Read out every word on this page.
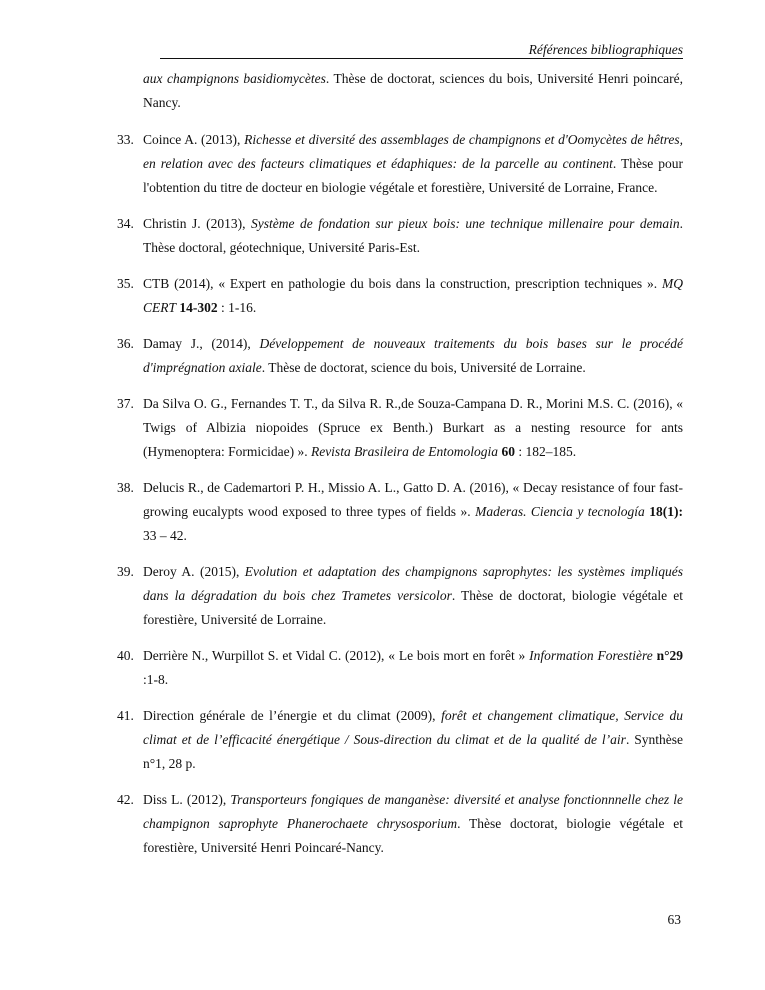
Références bibliographiques
aux champignons basidiomycètes. Thèse de doctorat, sciences du bois, Université Henri poincaré, Nancy.
33. Coince A. (2013), Richesse et diversité des assemblages de champignons et d'Oomycètes de hêtres, en relation avec des facteurs climatiques et édaphiques: de la parcelle au continent. Thèse pour l'obtention du titre de docteur en biologie végétale et forestière, Université de Lorraine, France.
34. Christin J. (2013), Système de fondation sur pieux bois: une technique millenaire pour demain. Thèse doctoral, géotechnique, Université Paris-Est.
35. CTB (2014), « Expert en pathologie du bois dans la construction, prescription techniques ». MQ CERT 14-302 : 1-16.
36. Damay J., (2014), Développement de nouveaux traitements du bois bases sur le procédé d'imprégnation axiale. Thèse de doctorat, science du bois, Université de Lorraine.
37. Da Silva O. G., Fernandes T. T., da Silva R. R.,de Souza-Campana D. R., Morini M.S. C. (2016), « Twigs of Albizia niopoides (Spruce ex Benth.) Burkart as a nesting resource for ants (Hymenoptera: Formicidae) ». Revista Brasileira de Entomologia 60 : 182–185.
38. Delucis R., de Cademartori P. H., Missio A. L., Gatto D. A. (2016), « Decay resistance of four fast-growing eucalypts wood exposed to three types of fields ». Maderas. Ciencia y tecnología 18(1): 33 – 42.
39. Deroy A. (2015), Evolution et adaptation des champignons saprophytes: les systèmes impliqués dans la dégradation du bois chez Trametes versicolor. Thèse de doctorat, biologie végétale et forestière, Université de Lorraine.
40. Derrière N., Wurpillot S. et Vidal C. (2012), « Le bois mort en forêt » Information Forestière n°29 :1-8.
41. Direction générale de l’énergie et du climat (2009), forêt et changement climatique, Service du climat et de l’efficacité énergétique / Sous-direction du climat et de la qualité de l’air. Synthèse n°1, 28 p.
42. Diss L. (2012), Transporteurs fongiques de manganèse: diversité et analyse fonctionnnelle chez le champignon saprophyte Phanerochaete chrysosporium. Thèse doctorat, biologie végétale et forestière, Université Henri Poincaré-Nancy.
63
